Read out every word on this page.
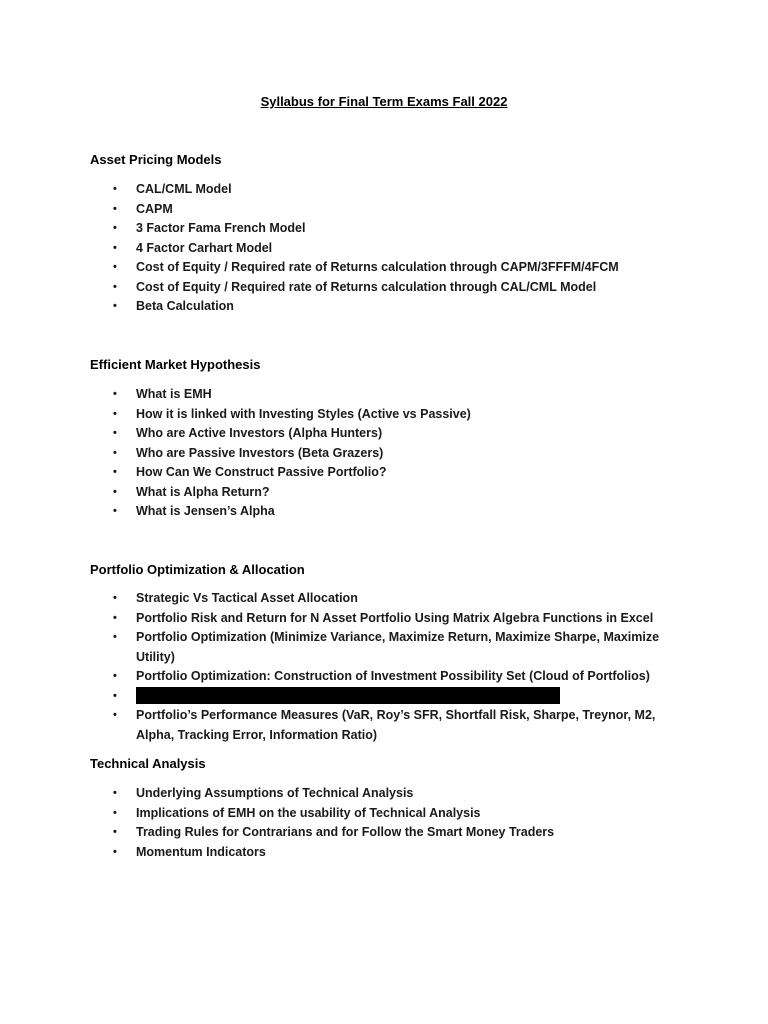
Syllabus for Final Term Exams Fall 2022
Asset Pricing Models
• CAL/CML Model
• CAPM
• 3 Factor Fama French Model
• 4 Factor Carhart Model
• Cost of Equity / Required rate of Returns calculation through CAPM/3FFFM/4FCM
• Cost of Equity / Required rate of Returns calculation through CAL/CML Model
• Beta Calculation
Efficient Market Hypothesis
• What is EMH
• How it is linked with Investing Styles (Active vs Passive)
• Who are Active Investors (Alpha Hunters)
• Who are Passive Investors (Beta Grazers)
• How Can We Construct Passive Portfolio?
• What is Alpha Return?
• What is Jensen’s Alpha
Portfolio Optimization & Allocation
• Strategic Vs Tactical Asset Allocation
• Portfolio Risk and Return for N Asset Portfolio Using Matrix Algebra Functions in Excel
• Portfolio Optimization (Minimize Variance, Maximize Return, Maximize Sharpe, Maximize Utility)
• Portfolio Optimization: Construction of Investment Possibility Set (Cloud of Portfolios)
•
• Portfolio’s Performance Measures (VaR, Roy’s SFR, Shortfall Risk, Sharpe, Treynor, M2, Alpha, Tracking Error, Information Ratio)
Technical Analysis
• Underlying Assumptions of Technical Analysis
• Implications of EMH on the usability of Technical Analysis
• Trading Rules for Contrarians and for Follow the Smart Money Traders
• Momentum Indicators
